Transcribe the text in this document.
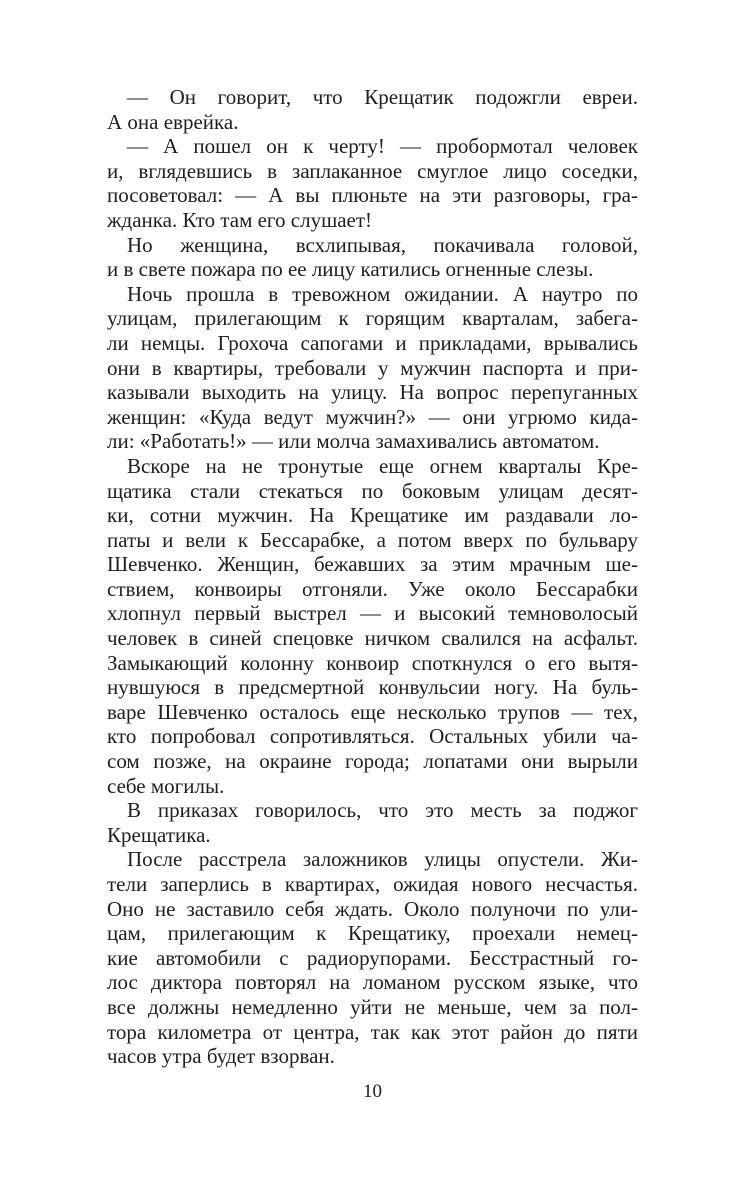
— Он говорит, что Крещатик подожгли евреи.
А она еврейка.
— А пошел он к черту! — пробормотал человек
и, вглядевшись в заплаканное смуглое лицо соседки,
посоветовал: — А вы плюньте на эти разговоры, гра-
жданка. Кто там его слушает!
Но женщина, всхлипывая, покачивала головой,
и в свете пожара по ее лицу катились огненные слезы.
Ночь прошла в тревожном ожидании. А наутро по
улицам, прилегающим к горящим кварталам, забега-
ли немцы. Грохоча сапогами и прикладами, врывались
они в квартиры, требовали у мужчин паспорта и при-
казывали выходить на улицу. На вопрос перепуганных
женщин: «Куда ведут мужчин?» — они угрюмо кида-
ли: «Работать!» — или молча замахивались автоматом.
Вскоре на не тронутые еще огнем кварталы Кре-
щатика стали стекаться по боковым улицам десят-
ки, сотни мужчин. На Крещатике им раздавали ло-
паты и вели к Бессарабке, а потом вверх по бульвару
Шевченко. Женщин, бежавших за этим мрачным ше-
ствием, конвоиры отгоняли. Уже около Бессарабки
хлопнул первый выстрел — и высокий темноволосый
человек в синей спецовке ничком свалился на асфальт.
Замыкающий колонну конвоир споткнулся о его вытя-
нувшуюся в предсмертной конвульсии ногу. На буль-
варе Шевченко осталось еще несколько трупов — тех,
кто попробовал сопротивляться. Остальных убили ча-
сом позже, на окраине города; лопатами они вырыли
себе могилы.
В приказах говорилось, что это месть за поджог
Крещатика.
После расстрела заложников улицы опустели. Жи-
тели заперлись в квартирах, ожидая нового несчастья.
Оно не заставило себя ждать. Около полуночи по ули-
цам, прилегающим к Крещатику, проехали немец-
кие автомобили с радиорупорами. Бесстрастный го-
лос диктора повторял на ломаном русском языке, что
все должны немедленно уйти не меньше, чем за пол-
тора километра от центра, так как этот район до пяти
часов утра будет взорван.
10
